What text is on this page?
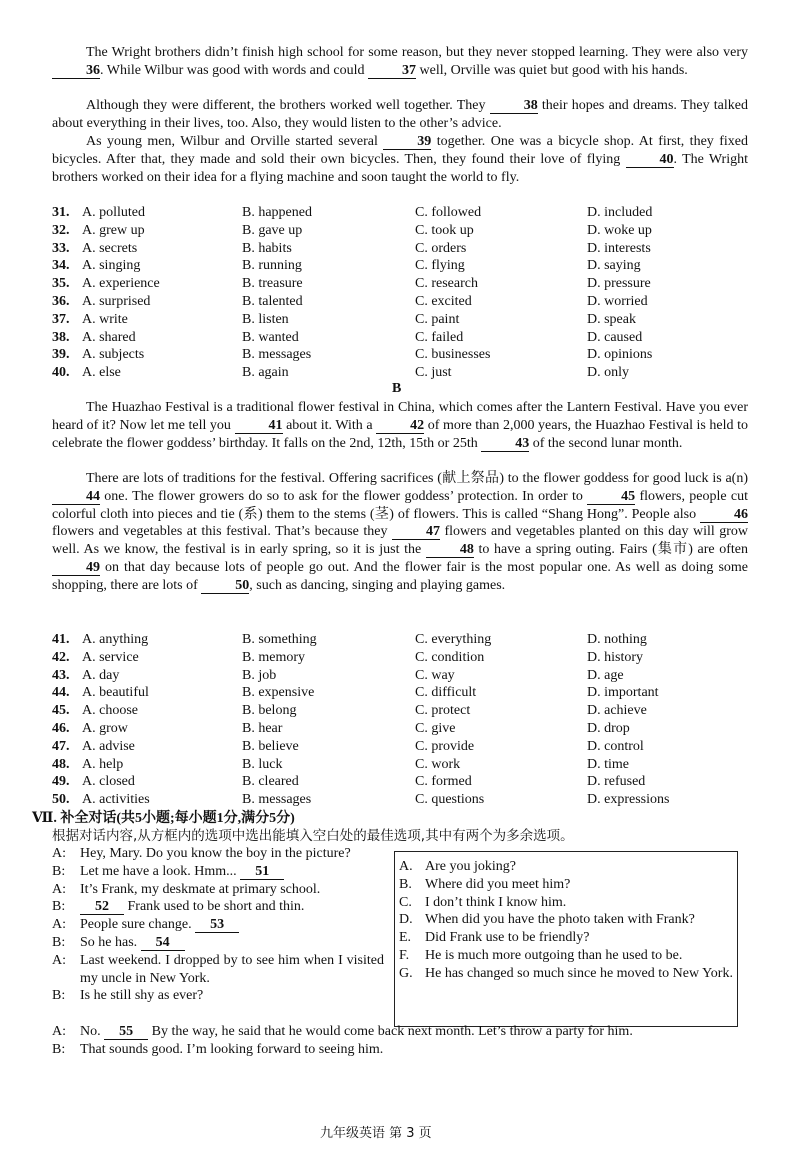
The Wright brothers didn’t finish high school for some reason, but they never stopped learning. They were also very 36. While Wilbur was good with words and could 37 well, Orville was quiet but good with his hands.

Although they were different, the brothers worked well together. They 38 their hopes and dreams. They talked about everything in their lives, too. Also, they would listen to the other’s advice.

As young men, Wilbur and Orville started several 39 together. One was a bicycle shop. At first, they fixed bicycles. After that, they made and sold their own bicycles. Then, they found their love of flying 40. The Wright brothers worked on their idea for a flying machine and soon taught the world to fly.

31. A. polluted	B. happened	C. followed	D. included
32. A. grew up	B. gave up	C. took up	D. woke up
33. A. secrets	B. habits	C. orders	D. interests
34. A. singing	B. running	C. flying	D. saying
35. A. experience	B. treasure	C. research	D. pressure
36. A. surprised	B. talented	C. excited	D. worried
37. A. write	B. listen	C. paint	D. speak
38. A. shared	B. wanted	C. failed	D. caused
39. A. subjects	B. messages	C. businesses	D. opinions
40. A. else	B. again	C. just	D. only
B

The Huazhao Festival is a traditional flower festival in China, which comes after the Lantern Festival. Have you ever heard of it? Now let me tell you 41 about it. With a 42 of more than 2,000 years, the Huazhao Festival is held to celebrate the flower goddess’ birthday. It falls on the 2nd, 12th, 15th or 25th 43 of the second lunar month.

There are lots of traditions for the festival. Offering sacrifices (献上祭品) to the flower goddess for good luck is a(n) 44 one. The flower growers do so to ask for the flower goddess’ protection. In order to 45 flowers, people cut colorful cloth into pieces and tie (系) them to the stems (茎) of flowers. This is called “Shang Hong”. People also 46 flowers and vegetables at this festival. That’s because they 47 flowers and vegetables planted on this day will grow well. As we know, the festival is in early spring, so it is just the 48 to have a spring outing. Fairs (集市) are often 49 on that day because lots of people go out. And the flower fair is the most popular one. As well as doing some shopping, there are lots of 50, such as dancing, singing and playing games.

41. A. anything	B. something	C. everything	D. nothing
42. A. service	B. memory	C. condition	D. history
43. A. day	B. job	C. way	D. age
44. A. beautiful	B. expensive	C. difficult	D. important
45. A. choose	B. belong	C. protect	D. achieve
46. A. grow	B. hear	C. give	D. drop
47. A. advise	B. believe	C. provide	D. control
48. A. help	B. luck	C. work	D. time
49. A. closed	B. cleared	C. formed	D. refused
50. A. activities	B. messages	C. questions	D. expressions
Ⅶ. 补全对话(共5小题;每小题1分,满分5分)
根据对话内容,从方框内的选项中选出能填入空白处的最佳选项,其中有两个为多余选项。
A: Hey, Mary. Do you know the boy in the picture?
B: Let me have a look. Hmm... 51
A: It’s Frank, my deskmate at primary school.
B: 52 Frank used to be short and thin.
A: People sure change. 53
B: So he has. 54
A: Last weekend. I dropped by to see him when I visited my uncle in New York.
B: Is he still shy as ever?
A. Are you joking?
B. Where did you meet him?
C. I don’t think I know him.
D. When did you have the photo taken with Frank?
E. Did Frank use to be friendly?
F. He is much more outgoing than he used to be.
G. He has changed so much since he moved to New York.
A: No. 55 By the way, he said that he would come back next month. Let’s throw a party for him.
B: That sounds good. I’m looking forward to seeing him.
九年级英语 第 3 页
